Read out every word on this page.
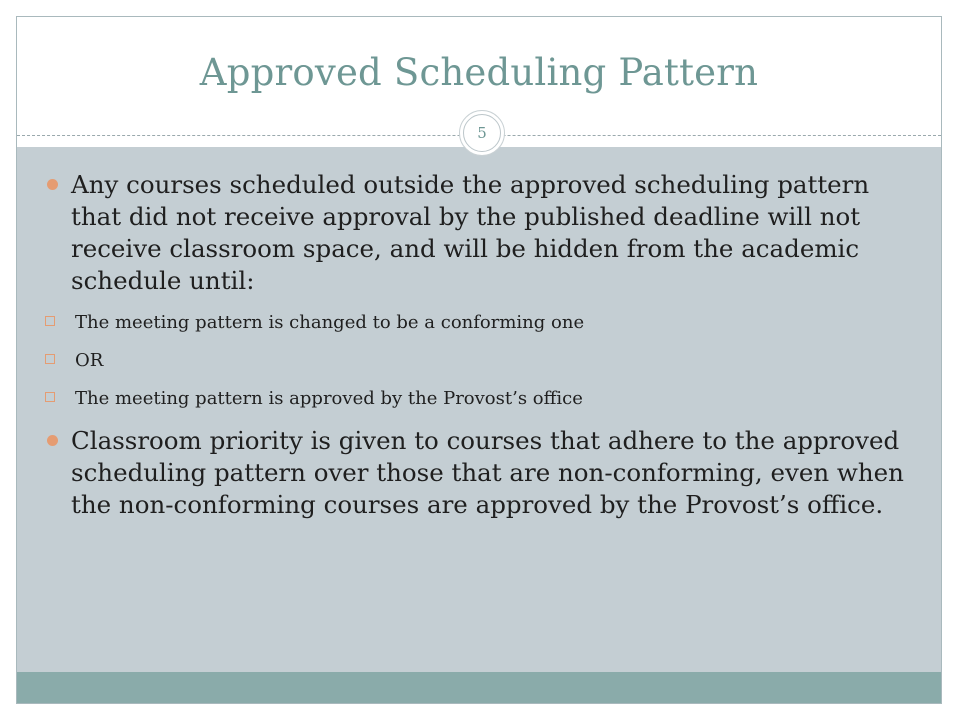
Approved Scheduling Pattern
5
Any courses scheduled outside the approved scheduling pattern that did not receive approval by the published deadline will not receive classroom space, and will be hidden from the academic schedule until:
The meeting pattern is changed to be a conforming one
OR
The meeting pattern is approved by the Provost’s office
Classroom priority is given to courses that adhere to the approved scheduling pattern over those that are non-conforming, even when the non-conforming courses are approved by the Provost’s office.
